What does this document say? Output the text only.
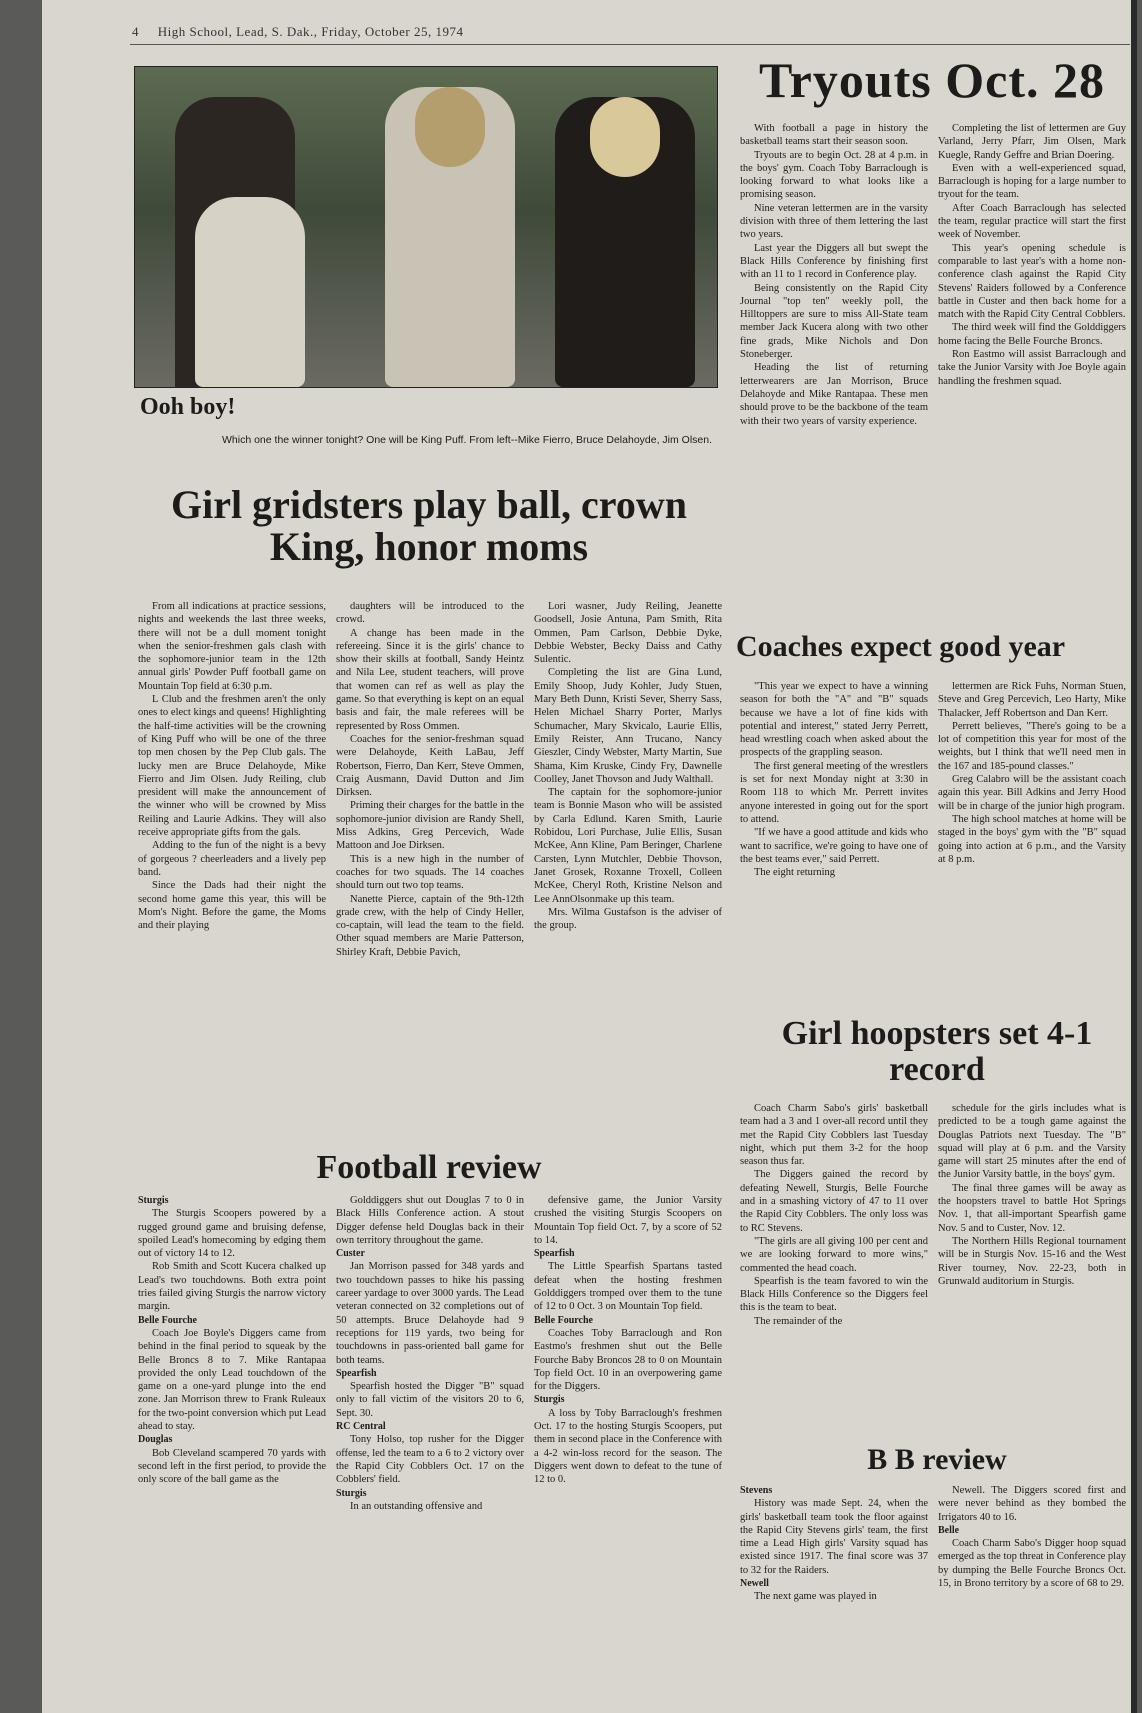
4 High School, Lead, S. Dak., Friday, October 25, 1974
Ooh boy!
Which one the winner tonight? One will be King Puff. From left--Mike Fierro, Bruce Delahoyde, Jim Olsen.
Girl gridsters play ball, crown King, honor moms

From all indications at practice sessions, nights and weekends the last three weeks, there will not be a dull moment tonight when the senior-freshmen gals clash with the sophomore-junior team in the 12th annual girls' Powder Puff football game on Mountain Top field at 6:30 p.m.

L Club and the freshmen aren't the only ones to elect kings and queens! Highlighting the half-time activities will be the crowning of King Puff who will be one of the three top men chosen by the Pep Club gals. The lucky men are Bruce Delahoyde, Mike Fierro and Jim Olsen. Judy Reiling, club president will make the announcement of the winner who will be crowned by Miss Reiling and Laurie Adkins. They will also receive appropriate gifts from the gals.

Adding to the fun of the night is a bevy of gorgeous ? cheerleaders and a lively pep band.

Since the Dads had their night the second home game this year, this will be Mom's Night. Before the game, the Moms and their playing

daughters will be introduced to the crowd.

A change has been made in the refereeing. Since it is the girls' chance to show their skills at football, Sandy Heintz and Nila Lee, student teachers, will prove that women can ref as well as play the game. So that everything is kept on an equal basis and fair, the male referees will be represented by Ross Ommen.

Coaches for the senior-freshman squad were Delahoyde, Keith LaBau, Jeff Robertson, Fierro, Dan Kerr, Steve Ommen, Craig Ausmann, David Dutton and Jim Dirksen.

Priming their charges for the battle in the sophomore-junior division are Randy Shell, Miss Adkins, Greg Percevich, Wade Mattoon and Joe Dirksen.

This is a new high in the number of coaches for two squads. The 14 coaches should turn out two top teams.

Nanette Pierce, captain of the 9th-12th grade crew, with the help of Cindy Heller, co-captain, will lead the team to the field. Other squad members are Marie Patterson, Shirley Kraft, Debbie Pavich,

Lori wasner, Judy Reiling, Jeanette Goodsell, Josie Antuna, Pam Smith, Rita Ommen, Pam Carlson, Debbie Dyke, Debbie Webster, Becky Daiss and Cathy Sulentic.

Completing the list are Gina Lund, Emily Shoop, Judy Kohler, Judy Stuen, Mary Beth Dunn, Kristi Sever, Sherry Sass, Helen Michael Sharry Porter, Marlys Schumacher, Mary Skvicalo, Laurie Ellis, Emily Reister, Ann Trucano, Nancy Gieszler, Cindy Webster, Marty Martin, Sue Shama, Kim Kruske, Cindy Fry, Dawnelle Coolley, Janet Thovson and Judy Walthall.

The captain for the sophomore-junior team is Bonnie Mason who will be assisted by Carla Edlund. Karen Smith, Laurie Robidou, Lori Purchase, Julie Ellis, Susan McKee, Ann Kline, Pam Beringer, Charlene Carsten, Lynn Mutchler, Debbie Thovson, Janet Grosek, Roxanne Troxell, Colleen McKee, Cheryl Roth, Kristine Nelson and Lee AnnOlsonmake up this team.

Mrs. Wilma Gustafson is the adviser of the group.

Tryouts Oct. 28

With football a page in history the basketball teams start their season soon.

Tryouts are to begin Oct. 28 at 4 p.m. in the boys' gym. Coach Toby Barraclough is looking forward to what looks like a promising season.

Nine veteran lettermen are in the varsity division with three of them lettering the last two years.

Last year the Diggers all but swept the Black Hills Conference by finishing first with an 11 to 1 record in Conference play.

Being consistently on the Rapid City Journal "top ten" weekly poll, the Hilltoppers are sure to miss All-State team member Jack Kucera along with two other fine grads, Mike Nichols and Don Stoneberger.

Heading the list of returning letterwearers are Jan Morrison, Bruce Delahoyde and Mike Rantapaa. These men should prove to be the backbone of the team with their two years of varsity experience.

Completing the list of lettermen are Guy Varland, Jerry Pfarr, Jim Olsen, Mark Kuegle, Randy Geffre and Brian Doering.

Even with a well-experienced squad, Barraclough is hoping for a large number to tryout for the team.

After Coach Barraclough has selected the team, regular practice will start the first week of November.

This year's opening schedule is comparable to last year's with a home non-conference clash against the Rapid City Stevens' Raiders followed by a Conference battle in Custer and then back home for a match with the Rapid City Central Cobblers.

The third week will find the Golddiggers home facing the Belle Fourche Broncs.

Ron Eastmo will assist Barraclough and take the Junior Varsity with Joe Boyle again handling the freshmen squad.

Coaches expect good year

"This year we expect to have a winning season for both the "A" and "B" squads because we have a lot of fine kids with potential and interest," stated Jerry Perrett, head wrestling coach when asked about the prospects of the grappling season.

The first general meeting of the wrestlers is set for next Monday night at 3:30 in Room 118 to which Mr. Perrett invites anyone interested in going out for the sport to attend.

"If we have a good attitude and kids who want to sacrifice, we're going to have one of the best teams ever," said Perrett.

The eight returning

lettermen are Rick Fuhs, Norman Stuen, Steve and Greg Percevich, Leo Harty, Mike Thalacker, Jeff Robertson and Dan Kerr.

Perrett believes, "There's going to be a lot of competition this year for most of the weights, but I think that we'll need men in the 167 and 185-pound classes."

Greg Calabro will be the assistant coach again this year. Bill Adkins and Jerry Hood will be in charge of the junior high program.

The high school matches at home will be staged in the boys' gym with the "B" squad going into action at 6 p.m., and the Varsity at 8 p.m.

Girl hoopsters set 4-1 record

Coach Charm Sabo's girls' basketball team had a 3 and 1 over-all record until they met the Rapid City Cobblers last Tuesday night, which put them 3-2 for the hoop season thus far.

The Diggers gained the record by defeating Newell, Sturgis, Belle Fourche and in a smashing victory of 47 to 11 over the Rapid City Cobblers. The only loss was to RC Stevens.

"The girls are all giving 100 per cent and we are looking forward to more wins," commented the head coach.

Spearfish is the team favored to win the Black Hills Conference so the Diggers feel this is the team to beat.

The remainder of the

schedule for the girls includes what is predicted to be a tough game against the Douglas Patriots next Tuesday. The "B" squad will play at 6 p.m. and the Varsity game will start 25 minutes after the end of the Junior Varsity battle, in the boys' gym.

The final three games will be away as the hoopsters travel to battle Hot Springs Nov. 1, that all-important Spearfish game Nov. 5 and to Custer, Nov. 12.

The Northern Hills Regional tournament will be in Sturgis Nov. 15-16 and the West River tourney, Nov. 22-23, both in Grunwald auditorium in Sturgis.

Football review

Sturgis

The Sturgis Scoopers powered by a rugged ground game and bruising defense, spoiled Lead's homecoming by edging them out of victory 14 to 12.

Rob Smith and Scott Kucera chalked up Lead's two touchdowns. Both extra point tries failed giving Sturgis the narrow victory margin.

Belle Fourche

Coach Joe Boyle's Diggers came from behind in the final period to squeak by the Belle Broncs 8 to 7. Mike Rantapaa provided the only Lead touchdown of the game on a one-yard plunge into the end zone. Jan Morrison threw to Frank Ruleaux for the two-point conversion which put Lead ahead to stay.

Douglas

Bob Cleveland scampered 70 yards with second left in the first period, to provide the only score of the ball game as the

Golddiggers shut out Douglas 7 to 0 in Black Hills Conference action. A stout Digger defense held Douglas back in their own territory throughout the game.

Custer

Jan Morrison passed for 348 yards and two touchdown passes to hike his passing career yardage to over 3000 yards. The Lead veteran connected on 32 completions out of 50 attempts. Bruce Delahoyde had 9 receptions for 119 yards, two being for touchdowns in pass-oriented ball game for both teams.

Spearfish

Spearfish hosted the Digger "B" squad only to fall victim of the visitors 20 to 6, Sept. 30.

RC Central

Tony Holso, top rusher for the Digger offense, led the team to a 6 to 2 victory over the Rapid City Cobblers Oct. 17 on the Cobblers' field.

Sturgis

In an outstanding offensive and

defensive game, the Junior Varsity crushed the visiting Sturgis Scoopers on Mountain Top field Oct. 7, by a score of 52 to 14.

Spearfish

The Little Spearfish Spartans tasted defeat when the hosting freshmen Golddiggers tromped over them to the tune of 12 to 0 Oct. 3 on Mountain Top field.

Belle Fourche

Coaches Toby Barraclough and Ron Eastmo's freshmen shut out the Belle Fourche Baby Broncos 28 to 0 on Mountain Top field Oct. 10 in an overpowering game for the Diggers.

Sturgis

A loss by Toby Barraclough's freshmen Oct. 17 to the hosting Sturgis Scoopers, put them in second place in the Conference with a 4-2 win-loss record for the season. The Diggers went down to defeat to the tune of 12 to 0.

B B review

Stevens

History was made Sept. 24, when the girls' basketball team took the floor against the Rapid City Stevens girls' team, the first time a Lead High girls' Varsity squad has existed since 1917. The final score was 37 to 32 for the Raiders.

Newell

The next game was played in

Newell. The Diggers scored first and were never behind as they bombed the Irrigators 40 to 16.

Belle

Coach Charm Sabo's Digger hoop squad emerged as the top threat in Conference play by dumping the Belle Fourche Broncs Oct. 15, in Brono territory by a score of 68 to 29.
